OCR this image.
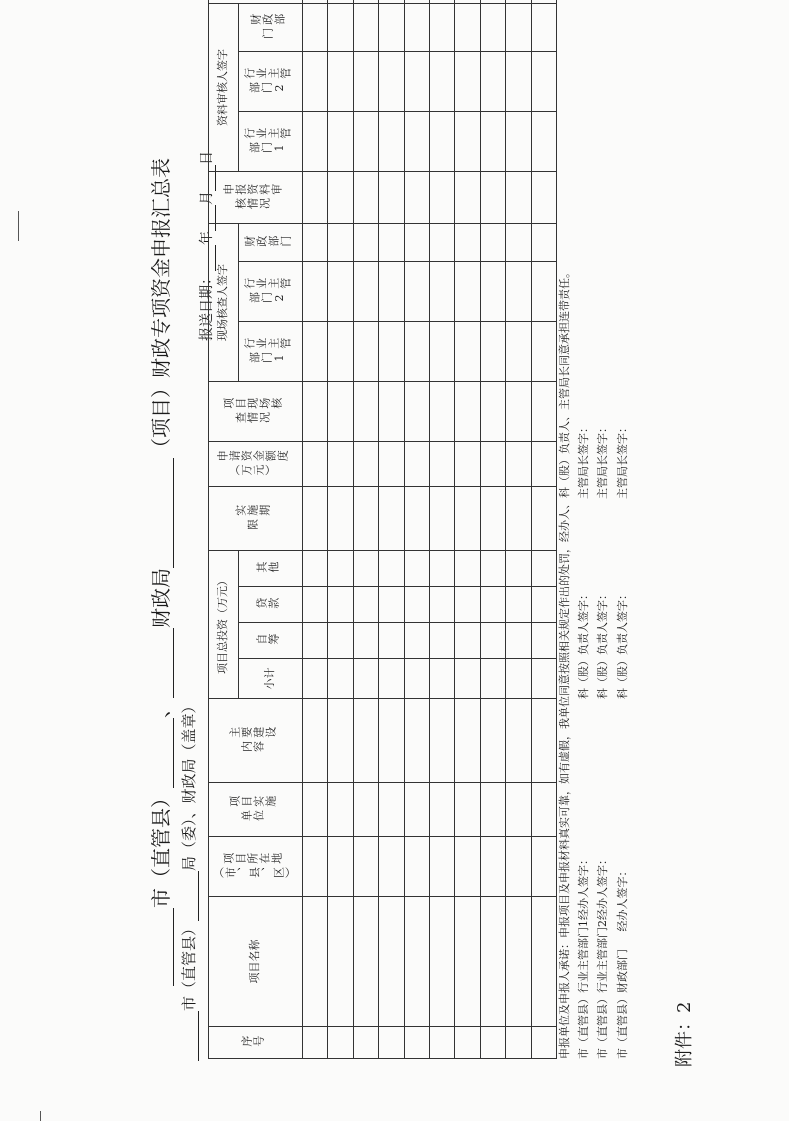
附件：2
市（直管县）、财政局（项目）财政专项资金申报汇总表
市（直管县）局（委）、财政局（盖章）
报送日期：年月日
序号	项目名称	项目所在地（市、县、区）	项目实施单位	主要建设内容	项目总投资（万元）				实施期限	申请资金额度（万元）	项目现场核查情况	现场核查人签字			申报资料审核情况	资料审核人签字	
					小计	自筹	贷款	其他				行业主管部门1	行业主管部门2	财政部门		行业主管部门1	行业主管部门2	财政部门	

申报单位及申报人承诺：申报项目及申报材料真实可靠，如有虚假，我单位同意按照相关规定作出的处罚，经办人、科（股）负责人、主管局长同意承担连带责任。 市（直管县）行业主管部门1经办人签字：
科（股）负责人签字：
主管局长签字：
市（直管县）行业主管部门2经办人签字：
科（股）负责人签字：
主管局长签字：
市（直管县）财政部门 经办人签字：
科（股）负责人签字：
主管局长签字：
